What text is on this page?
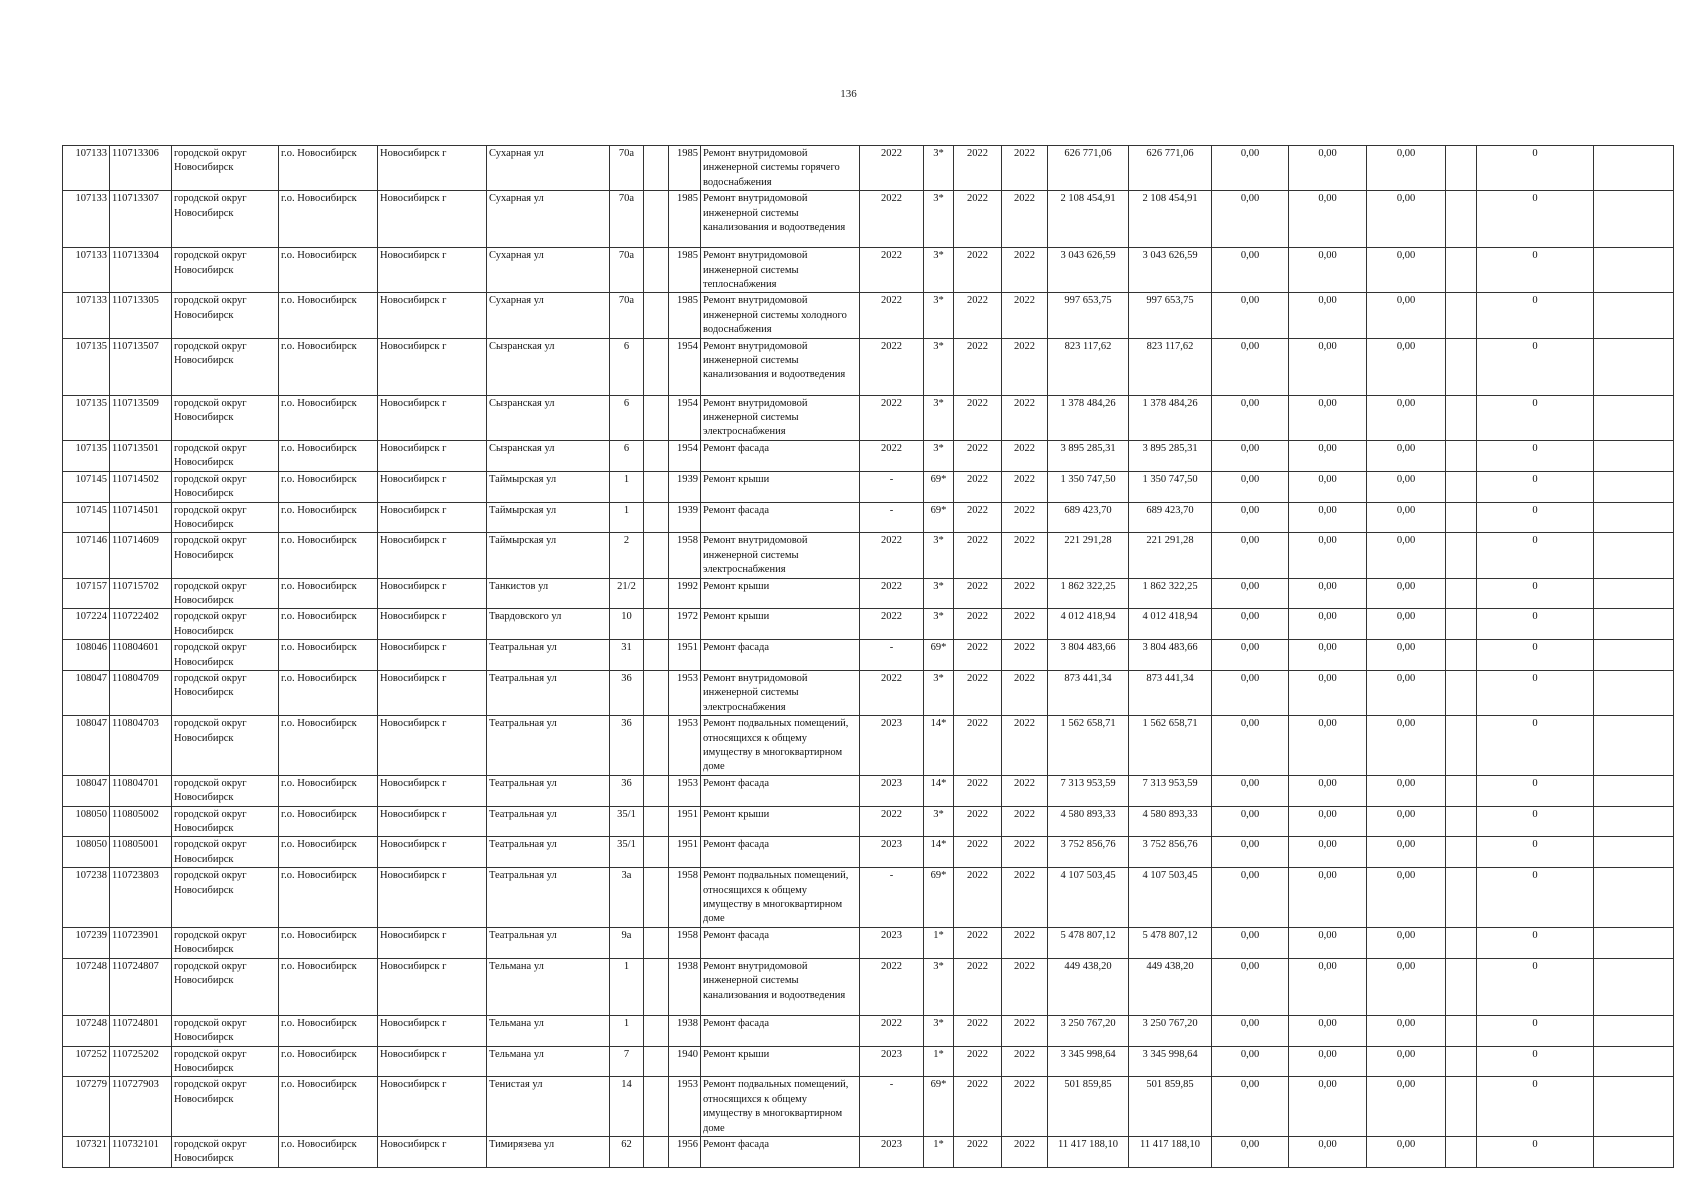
136
107133	110713306	городской округ Новосибирск	г.о. Новосибирск	Новосибирск г	Сухарная ул	70а		1985	Ремонт внутридомовой инженерной системы горячего водоснабжения	2022	3*	2022	2022	626 771,06	626 771,06	0,00	0,00	0,00		0	
107133	110713307	городской округ Новосибирск	г.о. Новосибирск	Новосибирск г	Сухарная ул	70а		1985	Ремонт внутридомовой инженерной системы канализования и водоотведения	2022	3*	2022	2022	2 108 454,91	2 108 454,91	0,00	0,00	0,00		0	
107133	110713304	городской округ Новосибирск	г.о. Новосибирск	Новосибирск г	Сухарная ул	70а		1985	Ремонт внутридомовой инженерной системы теплоснабжения	2022	3*	2022	2022	3 043 626,59	3 043 626,59	0,00	0,00	0,00		0	
107133	110713305	городской округ Новосибирск	г.о. Новосибирск	Новосибирск г	Сухарная ул	70а		1985	Ремонт внутридомовой инженерной системы холодного водоснабжения	2022	3*	2022	2022	997 653,75	997 653,75	0,00	0,00	0,00		0	
107135	110713507	городской округ Новосибирск	г.о. Новосибирск	Новосибирск г	Сызранская ул	6		1954	Ремонт внутридомовой инженерной системы канализования и водоотведения	2022	3*	2022	2022	823 117,62	823 117,62	0,00	0,00	0,00		0	
107135	110713509	городской округ Новосибирск	г.о. Новосибирск	Новосибирск г	Сызранская ул	6		1954	Ремонт внутридомовой инженерной системы электроснабжения	2022	3*	2022	2022	1 378 484,26	1 378 484,26	0,00	0,00	0,00		0	
107135	110713501	городской округ Новосибирск	г.о. Новосибирск	Новосибирск г	Сызранская ул	6		1954	Ремонт фасада	2022	3*	2022	2022	3 895 285,31	3 895 285,31	0,00	0,00	0,00		0	
107145	110714502	городской округ Новосибирск	г.о. Новосибирск	Новосибирск г	Таймырская ул	1		1939	Ремонт крыши	-	69*	2022	2022	1 350 747,50	1 350 747,50	0,00	0,00	0,00		0	
107145	110714501	городской округ Новосибирск	г.о. Новосибирск	Новосибирск г	Таймырская ул	1		1939	Ремонт фасада	-	69*	2022	2022	689 423,70	689 423,70	0,00	0,00	0,00		0	
107146	110714609	городской округ Новосибирск	г.о. Новосибирск	Новосибирск г	Таймырская ул	2		1958	Ремонт внутридомовой инженерной системы электроснабжения	2022	3*	2022	2022	221 291,28	221 291,28	0,00	0,00	0,00		0	
107157	110715702	городской округ Новосибирск	г.о. Новосибирск	Новосибирск г	Танкистов ул	21/2		1992	Ремонт крыши	2022	3*	2022	2022	1 862 322,25	1 862 322,25	0,00	0,00	0,00		0	
107224	110722402	городской округ Новосибирск	г.о. Новосибирск	Новосибирск г	Твардовского ул	10		1972	Ремонт крыши	2022	3*	2022	2022	4 012 418,94	4 012 418,94	0,00	0,00	0,00		0	
108046	110804601	городской округ Новосибирск	г.о. Новосибирск	Новосибирск г	Театральная ул	31		1951	Ремонт фасада	-	69*	2022	2022	3 804 483,66	3 804 483,66	0,00	0,00	0,00		0	
108047	110804709	городской округ Новосибирск	г.о. Новосибирск	Новосибирск г	Театральная ул	36		1953	Ремонт внутридомовой инженерной системы электроснабжения	2022	3*	2022	2022	873 441,34	873 441,34	0,00	0,00	0,00		0	
108047	110804703	городской округ Новосибирск	г.о. Новосибирск	Новосибирск г	Театральная ул	36		1953	Ремонт подвальных помещений, относящихся к общему имуществу в многоквартирном доме	2023	14*	2022	2022	1 562 658,71	1 562 658,71	0,00	0,00	0,00		0	
108047	110804701	городской округ Новосибирск	г.о. Новосибирск	Новосибирск г	Театральная ул	36		1953	Ремонт фасада	2023	14*	2022	2022	7 313 953,59	7 313 953,59	0,00	0,00	0,00		0	
108050	110805002	городской округ Новосибирск	г.о. Новосибирск	Новосибирск г	Театральная ул	35/1		1951	Ремонт крыши	2022	3*	2022	2022	4 580 893,33	4 580 893,33	0,00	0,00	0,00		0	
108050	110805001	городской округ Новосибирск	г.о. Новосибирск	Новосибирск г	Театральная ул	35/1		1951	Ремонт фасада	2023	14*	2022	2022	3 752 856,76	3 752 856,76	0,00	0,00	0,00		0	
107238	110723803	городской округ Новосибирск	г.о. Новосибирск	Новосибирск г	Театральная ул	3а		1958	Ремонт подвальных помещений, относящихся к общему имуществу в многоквартирном доме	-	69*	2022	2022	4 107 503,45	4 107 503,45	0,00	0,00	0,00		0	
107239	110723901	городской округ Новосибирск	г.о. Новосибирск	Новосибирск г	Театральная ул	9а		1958	Ремонт фасада	2023	1*	2022	2022	5 478 807,12	5 478 807,12	0,00	0,00	0,00		0	
107248	110724807	городской округ Новосибирск	г.о. Новосибирск	Новосибирск г	Тельмана ул	1		1938	Ремонт внутридомовой инженерной системы канализования и водоотведения	2022	3*	2022	2022	449 438,20	449 438,20	0,00	0,00	0,00		0	
107248	110724801	городской округ Новосибирск	г.о. Новосибирск	Новосибирск г	Тельмана ул	1		1938	Ремонт фасада	2022	3*	2022	2022	3 250 767,20	3 250 767,20	0,00	0,00	0,00		0	
107252	110725202	городской округ Новосибирск	г.о. Новосибирск	Новосибирск г	Тельмана ул	7		1940	Ремонт крыши	2023	1*	2022	2022	3 345 998,64	3 345 998,64	0,00	0,00	0,00		0	
107279	110727903	городской округ Новосибирск	г.о. Новосибирск	Новосибирск г	Тенистая ул	14		1953	Ремонт подвальных помещений, относящихся к общему имуществу в многоквартирном доме	-	69*	2022	2022	501 859,85	501 859,85	0,00	0,00	0,00		0	
107321	110732101	городской округ Новосибирск	г.о. Новосибирск	Новосибирск г	Тимирязева ул	62		1956	Ремонт фасада	2023	1*	2022	2022	11 417 188,10	11 417 188,10	0,00	0,00	0,00		0	
